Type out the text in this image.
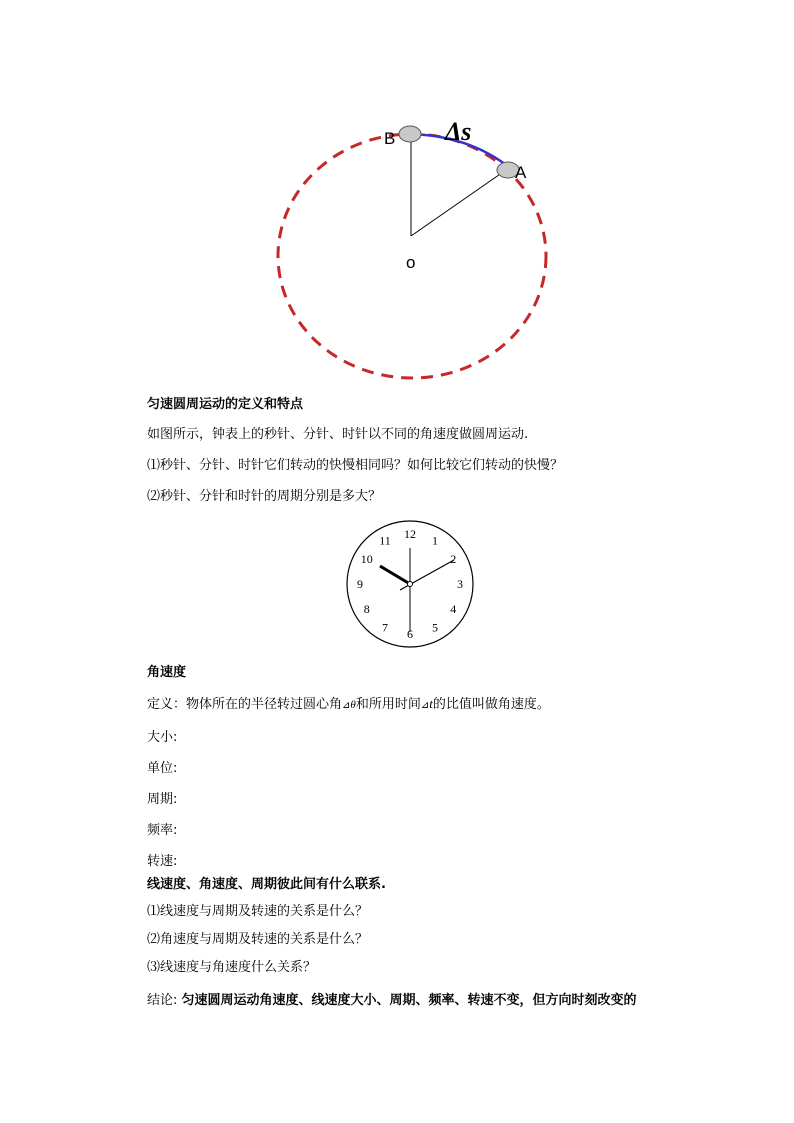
B
A
o
Δs
匀速圆周运动的定义和特点
如图所示，钟表上的秒针、分针、时针以不同的角速度做圆周运动.
⑴秒针、分针、时针它们转动的快慢相同吗？如何比较它们转动的快慢？
⑵秒针、分针和时针的周期分别是多大？
12 1
2
3
4
5
6
7
8
9
10
11
角速度
定义：物体所在的半径转过圆心角⊿θ和所用时间⊿t的比值叫做角速度。
大小:
单位:
周期:
频率:
转速:
线速度、角速度、周期彼此间有什么联系.
⑴线速度与周期及转速的关系是什么？
⑵角速度与周期及转速的关系是什么？
⑶线速度与角速度什么关系？
结论: 匀速圆周运动角速度、线速度大小、周期、频率、转速不变，但方向时刻改变的
